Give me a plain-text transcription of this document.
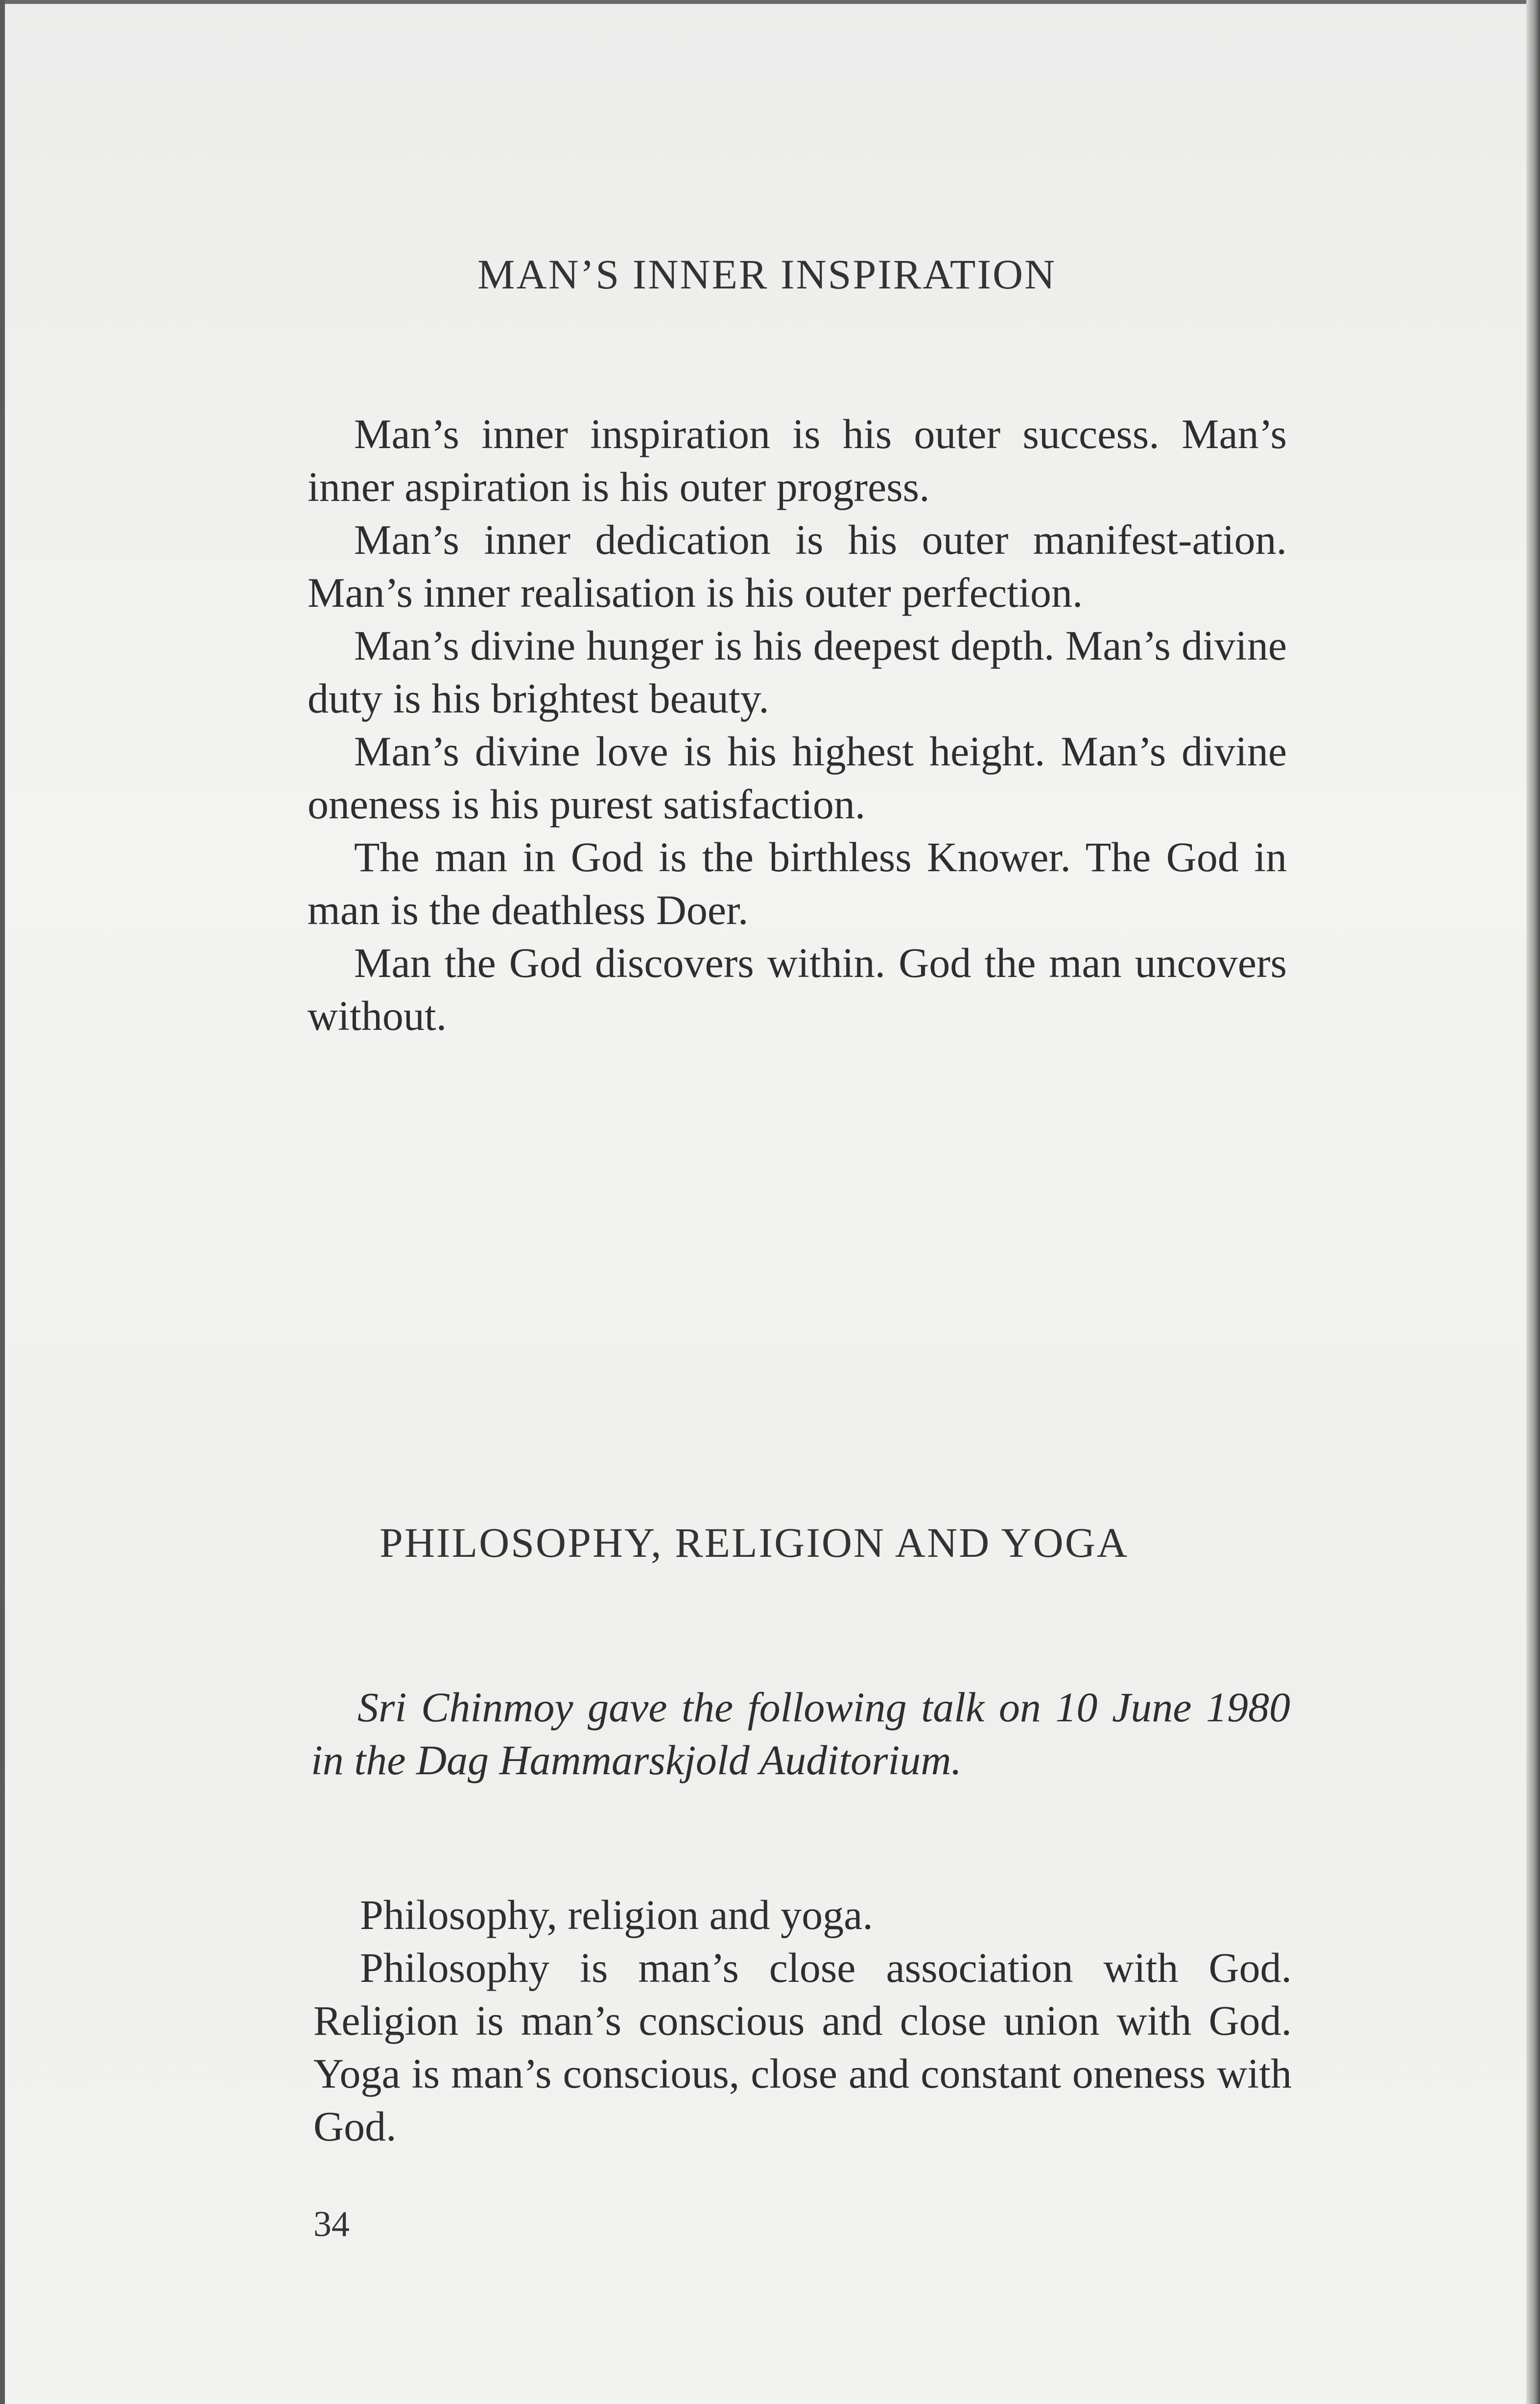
MAN’S INNER INSPIRATION

Man’s inner inspiration is his outer success. Man’s inner aspiration is his outer progress.

Man’s inner dedication is his outer manifest-ation. Man’s inner realisation is his outer perfection.

Man’s divine hunger is his deepest depth. Man’s divine duty is his brightest beauty.

Man’s divine love is his highest height. Man’s divine oneness is his purest satisfaction.

The man in God is the birthless Knower. The God in man is the deathless Doer.

Man the God discovers within. God the man uncovers without.

PHILOSOPHY, RELIGION AND YOGA

Sri Chinmoy gave the following talk on 10 June 1980 in the Dag Hammarskjold Auditorium.

Philosophy, religion and yoga.

Philosophy is man’s close association with God. Religion is man’s conscious and close union with God. Yoga is man’s conscious, close and constant oneness with God.

34
